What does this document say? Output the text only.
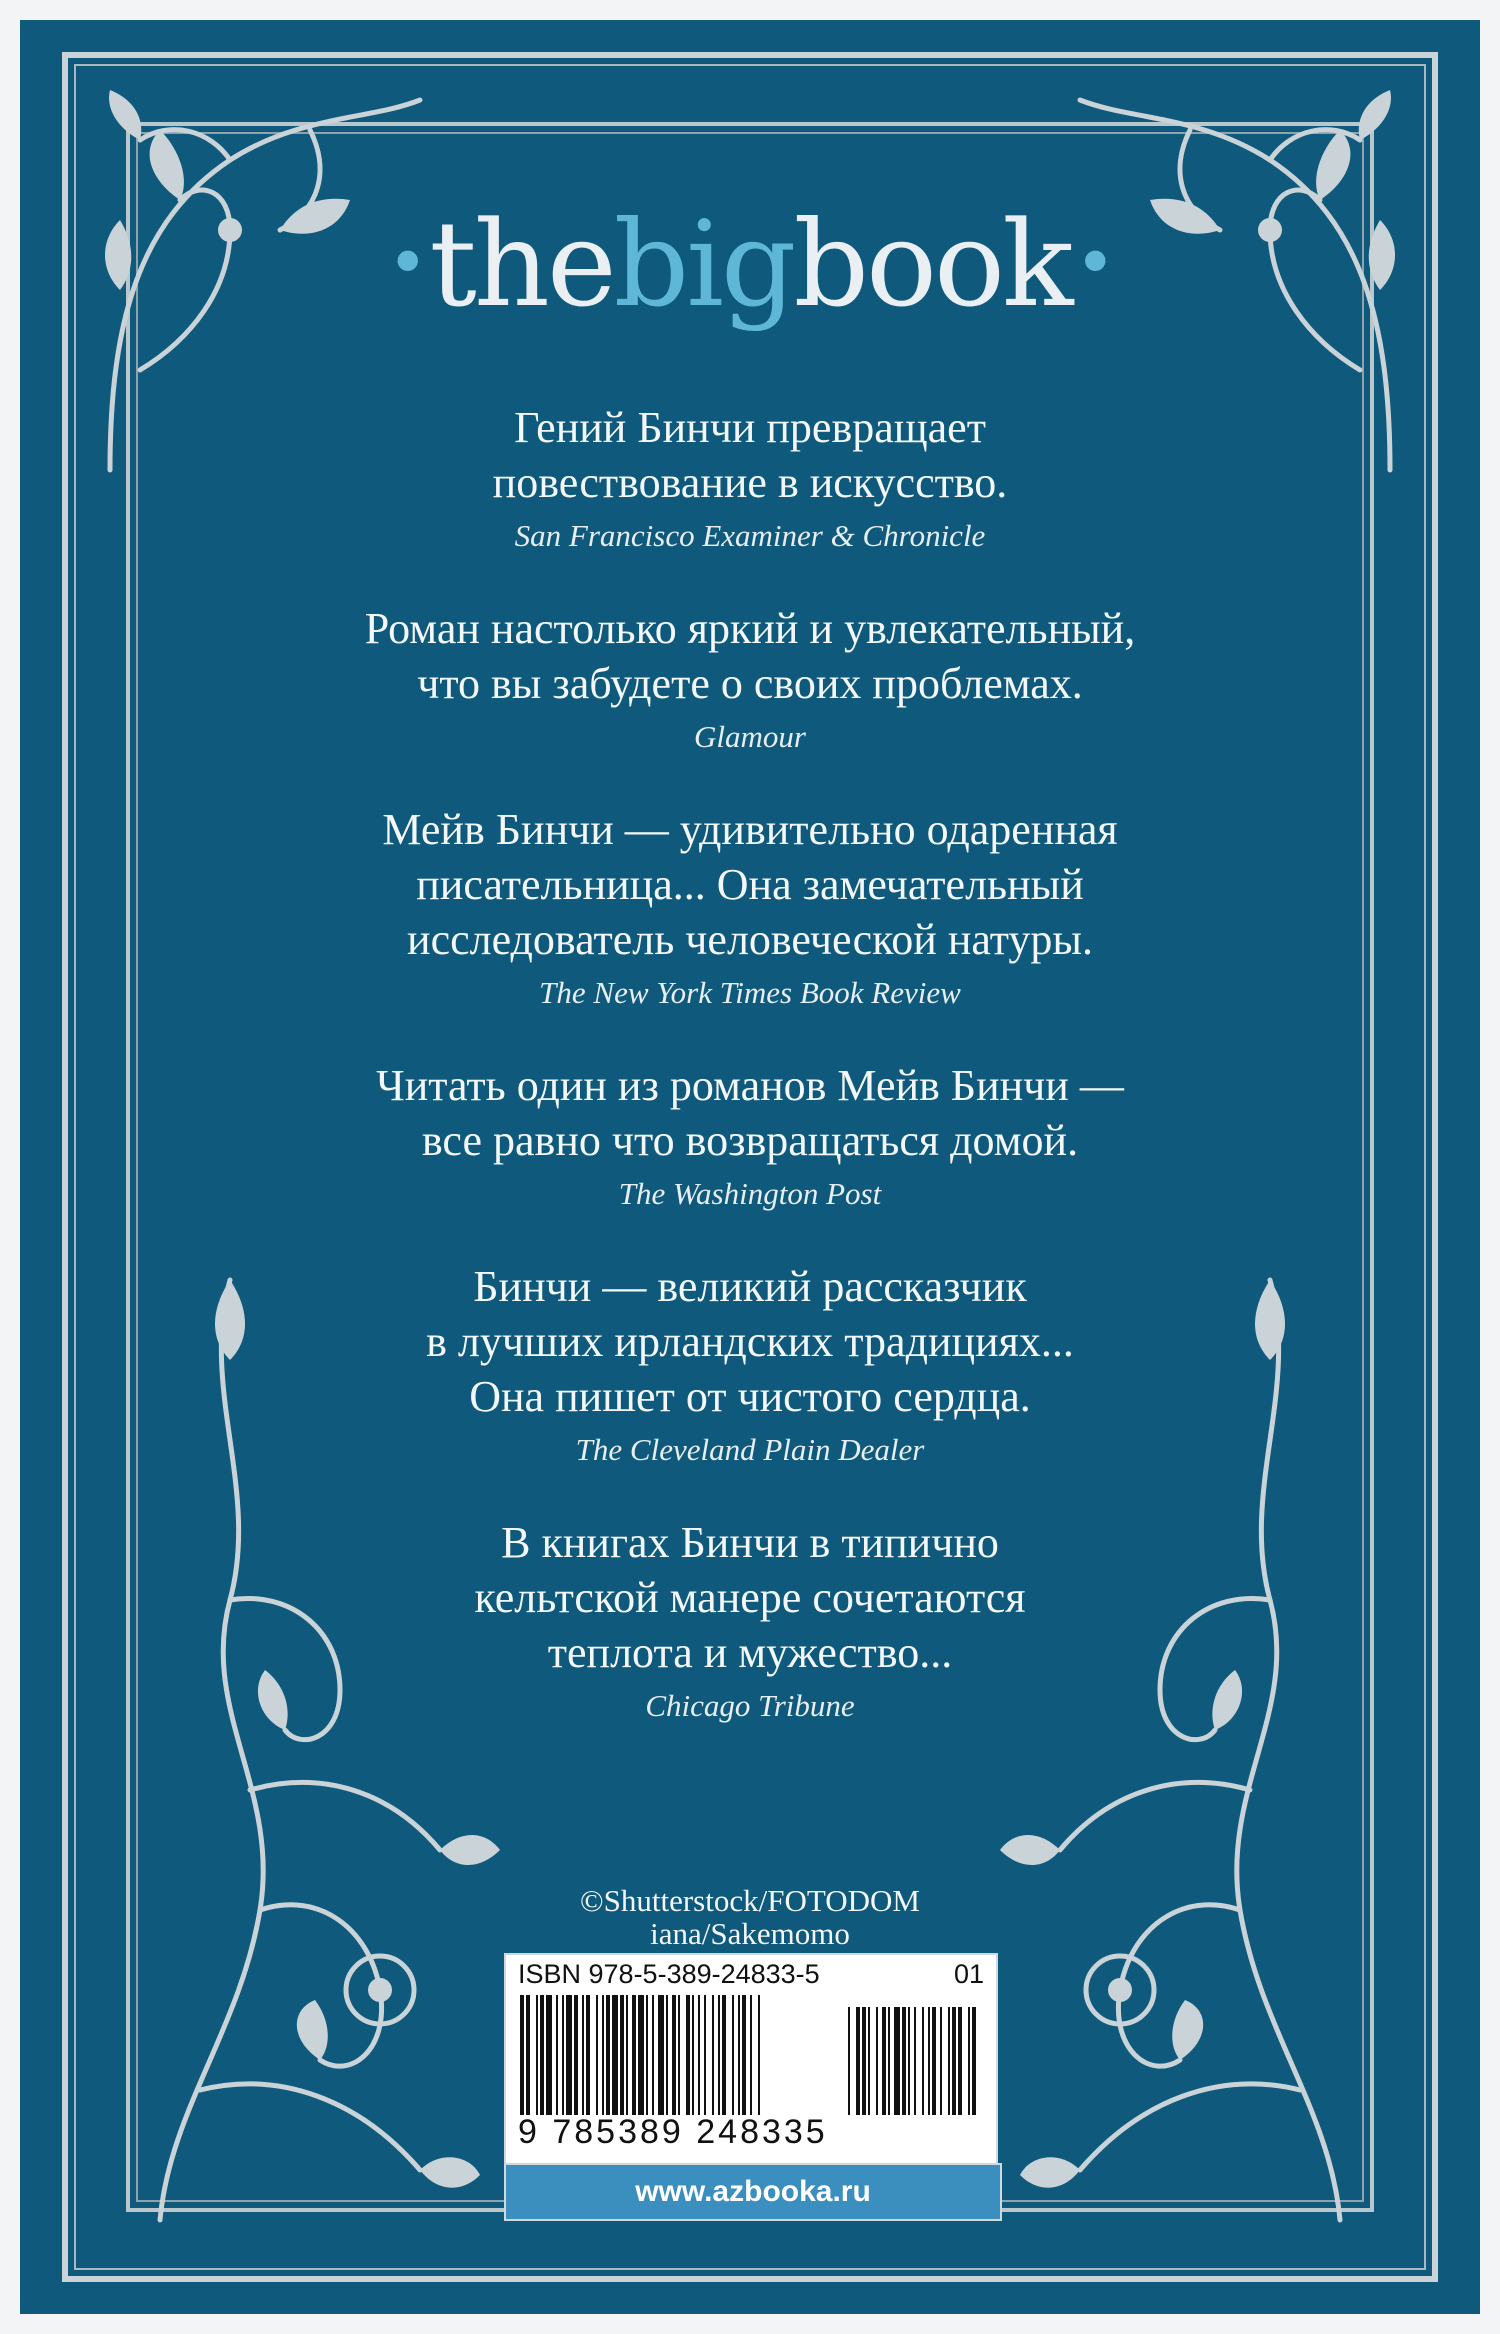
•thebigbook•
Гений Бинчи превращает
повествование в искусство.
San Francisco Examiner & Chronicle
Роман настолько яркий и увлекательный,
что вы забудете о своих проблемах.
Glamour
Мейв Бинчи — удивительно одаренная
писательница... Она замечательный
исследователь человеческой натуры.
The New York Times Book Review
Читать один из романов Мейв Бинчи —
все равно что возвращаться домой.
The Washington Post
Бинчи — великий рассказчик
в лучших ирландских традициях...
Она пишет от чистого сердца.
The Cleveland Plain Dealer
В книгах Бинчи в типично
кельтской манере сочетаются
теплота и мужество...
Chicago Tribune
©Shutterstock/FOTODOM
iana/Sakemomo
ISBN 978-5-389-24833-5	01
9 785389 248335
www.azbooka.ru
